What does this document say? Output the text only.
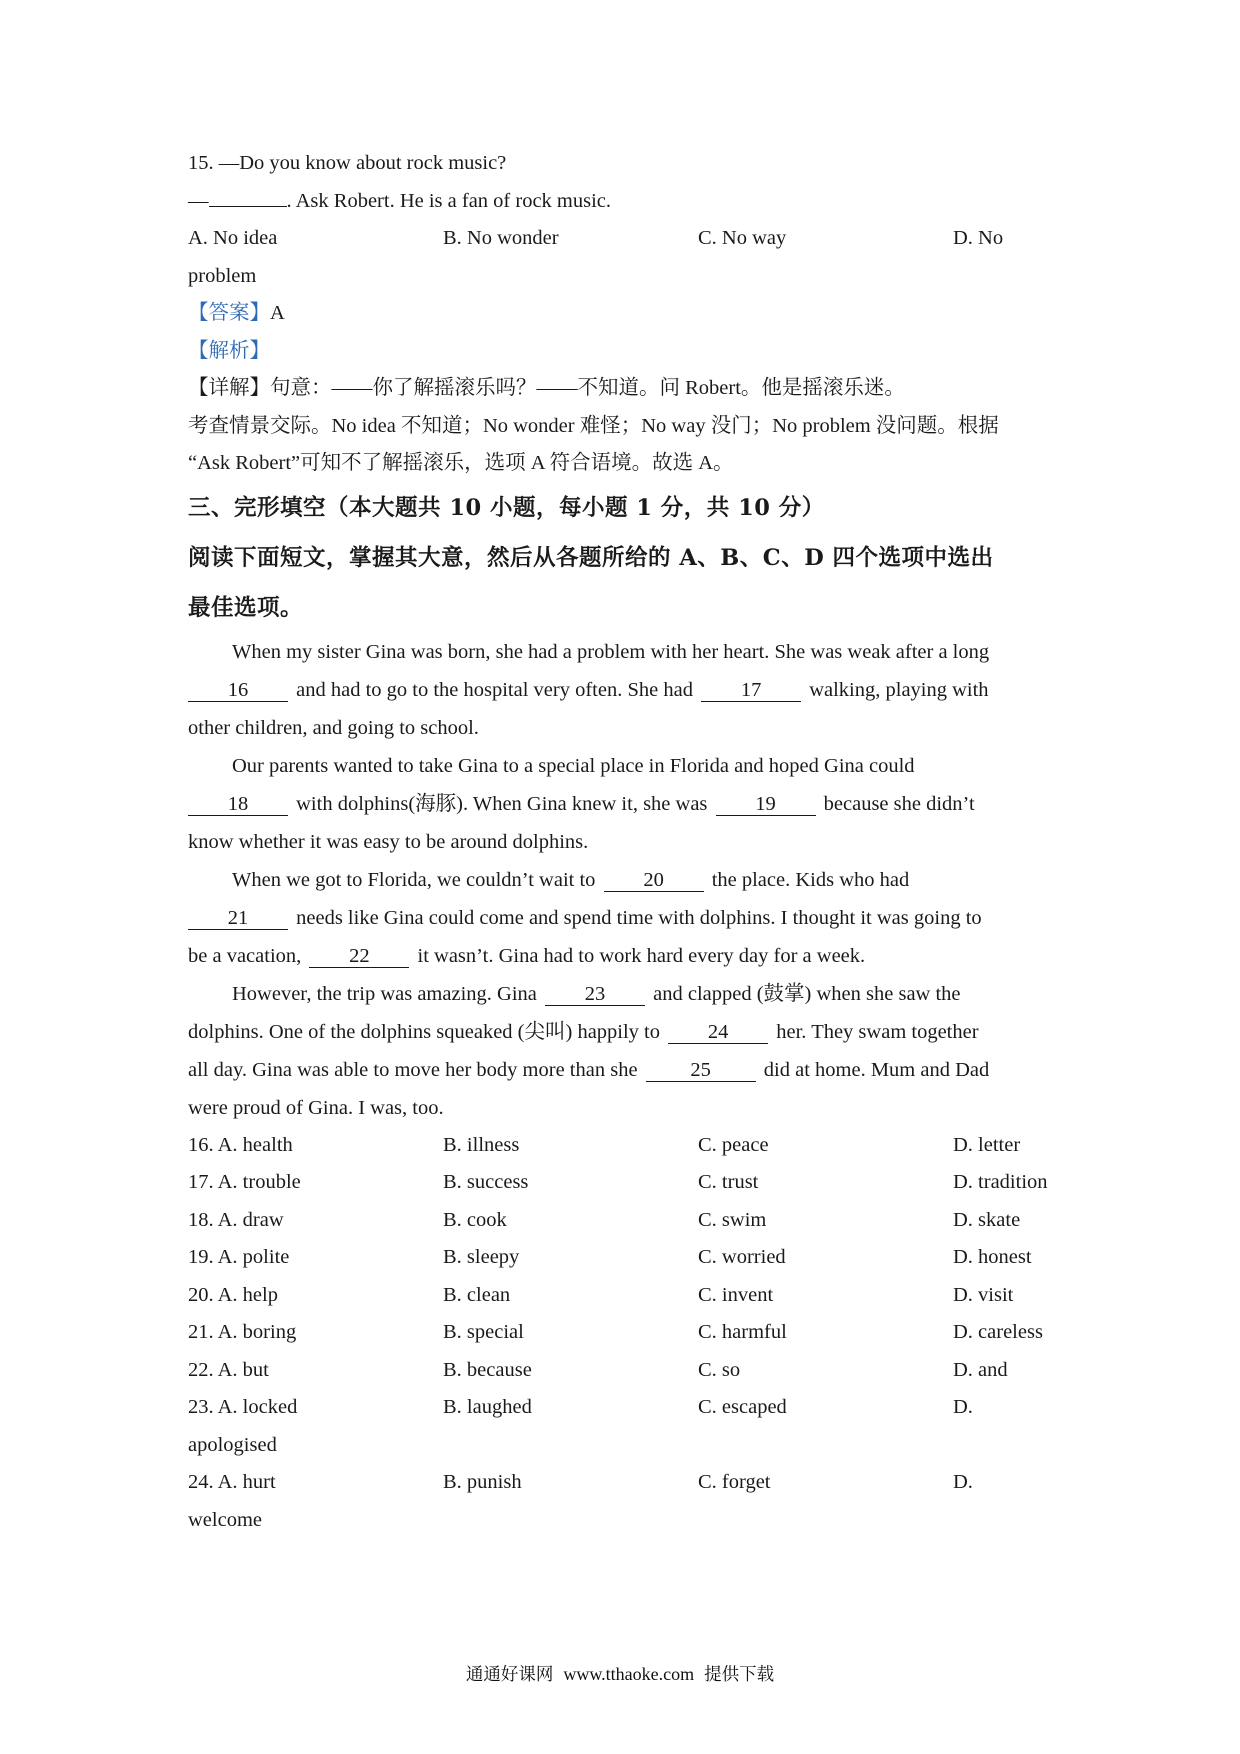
15. —Do you know about rock music?
—	. Ask Robert. He is a fan of rock music.
A. No idea	B. No wonder	C. No way	D. No
problem
【答案】A
【解析】
【详解】句意：——你了解摇滚乐吗？——不知道。问 Robert。他是摇滚乐迷。
考查情景交际。No idea 不知道；No wonder 难怪；No way 没门；No problem 没问题。根据
“Ask Robert”可知不了解摇滚乐，选项 A 符合语境。故选 A。
三、完形填空（本大题共 10 小题，每小题 1 分，共 10 分）
阅读下面短文，掌握其大意，然后从各题所给的 A、B、C、D 四个选项中选出
最佳选项。
When my sister Gina was born, she had a problem with her heart. She was weak after a long
16 and had to go to the hospital very often. She had 17 walking, playing with
other children, and going to school.
Our parents wanted to take Gina to a special place in Florida and hoped Gina could
18 with dolphins(海豚). When Gina knew it, she was 19 because she didn’t
know whether it was easy to be around dolphins.
When we got to Florida, we couldn’t wait to 20 the place. Kids who had
21 needs like Gina could come and spend time with dolphins. I thought it was going to
be a vacation, 22 it wasn’t. Gina had to work hard every day for a week.
However, the trip was amazing. Gina 23 and clapped (鼓掌) when she saw the
dolphins. One of the dolphins squeaked (尖叫) happily to 24 her. They swam together
all day. Gina was able to move her body more than she	25	did at home. Mum and Dad
were proud of Gina. I was, too.
16. A. health	B. illness	C. peace	D. letter
17. A. trouble	B. success	C. trust	D. tradition
18. A. draw	B. cook	C. swim	D. skate
19. A. polite	B. sleepy	C. worried	D. honest
20. A. help	B. clean	C. invent	D. visit
21. A. boring	B. special	C. harmful	D. careless
22. A. but	B. because	C. so	D. and
23. A. locked	B. laughed	C. escaped	D.
apologised
24. A. hurt	B. punish	C. forget	D.
welcome
通通好课网 www.tthaoke.com 提供下载
